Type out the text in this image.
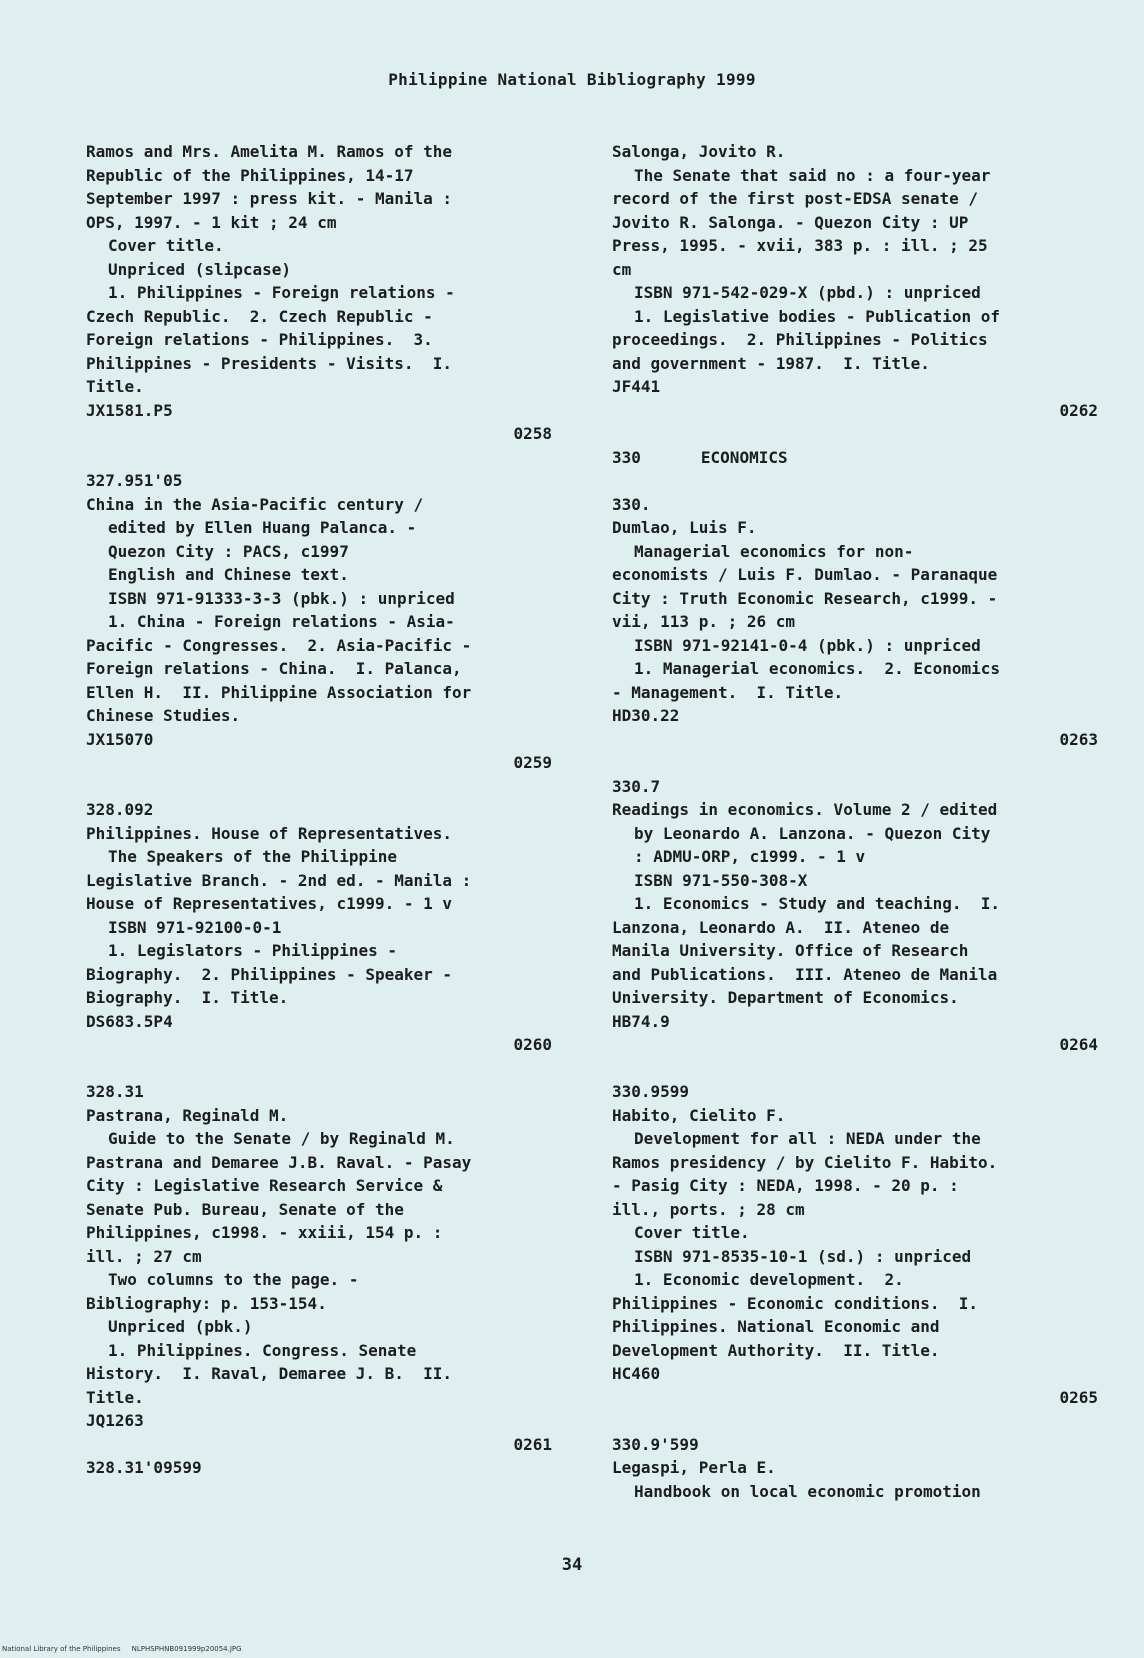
Philippine National Bibliography 1999
Ramos and Mrs. Amelita M. Ramos of the
Republic of the Philippines, 14-17
September 1997 : press kit. - Manila :
OPS, 1997. - 1 kit ; 24 cm
Cover title.
Unpriced (slipcase)
1. Philippines - Foreign relations -
Czech Republic.  2. Czech Republic -
Foreign relations - Philippines.  3.
Philippines - Presidents - Visits.  I.
Title.
JX1581.P5
0258
327.951'05
China in the Asia-Pacific century /
edited by Ellen Huang Palanca. -
Quezon City : PACS, c1997
English and Chinese text.
ISBN 971-91333-3-3 (pbk.) : unpriced
1. China - Foreign relations - Asia-
Pacific - Congresses.  2. Asia-Pacific -
Foreign relations - China.  I. Palanca,
Ellen H.  II. Philippine Association for
Chinese Studies.
JX15070
0259
328.092
Philippines. House of Representatives.
The Speakers of the Philippine
Legislative Branch. - 2nd ed. - Manila :
House of Representatives, c1999. - 1 v
ISBN 971-92100-0-1
1. Legislators - Philippines -
Biography.  2. Philippines - Speaker -
Biography.  I. Title.
DS683.5P4
0260
328.31
Pastrana, Reginald M.
Guide to the Senate / by Reginald M.
Pastrana and Demaree J.B. Raval. - Pasay
City : Legislative Research Service &
Senate Pub. Bureau, Senate of the
Philippines, c1998. - xxiii, 154 p. :
ill. ; 27 cm
Two columns to the page. -
Bibliography: p. 153-154.
Unpriced (pbk.)
1. Philippines. Congress. Senate
History.  I. Raval, Demaree J. B.  II.
Title.
JQ1263
0261
328.31'09599
Salonga, Jovito R.
The Senate that said no : a four-year
record of the first post-EDSA senate /
Jovito R. Salonga. - Quezon City : UP
Press, 1995. - xvii, 383 p. : ill. ; 25
cm
ISBN 971-542-029-X (pbd.) : unpriced
1. Legislative bodies - Publication of
proceedings.  2. Philippines - Politics
and government - 1987.  I. Title.
JF441
0262
330	ECONOMICS
330.
Dumlao, Luis F.
Managerial economics for non-
economists / Luis F. Dumlao. - Paranaque
City : Truth Economic Research, c1999. -
vii, 113 p. ; 26 cm
ISBN 971-92141-0-4 (pbk.) : unpriced
1. Managerial economics.  2. Economics
- Management.  I. Title.
HD30.22
0263
330.7
Readings in economics. Volume 2 / edited
by Leonardo A. Lanzona. - Quezon City
: ADMU-ORP, c1999. - 1 v
ISBN 971-550-308-X
1. Economics - Study and teaching.  I.
Lanzona, Leonardo A.  II. Ateneo de
Manila University. Office of Research
and Publications.  III. Ateneo de Manila
University. Department of Economics.
HB74.9
0264
330.9599
Habito, Cielito F.
Development for all : NEDA under the
Ramos presidency / by Cielito F. Habito.
- Pasig City : NEDA, 1998. - 20 p. :
ill., ports. ; 28 cm
Cover title.
ISBN 971-8535-10-1 (sd.) : unpriced
1. Economic development.  2.
Philippines - Economic conditions.  I.
Philippines. National Economic and
Development Authority.  II. Title.
HC460
0265
330.9'599
Legaspi, Perla E.
Handbook on local economic promotion
34
National Library of the Philippines     NLPHSPHNB091999p20054.JPG
